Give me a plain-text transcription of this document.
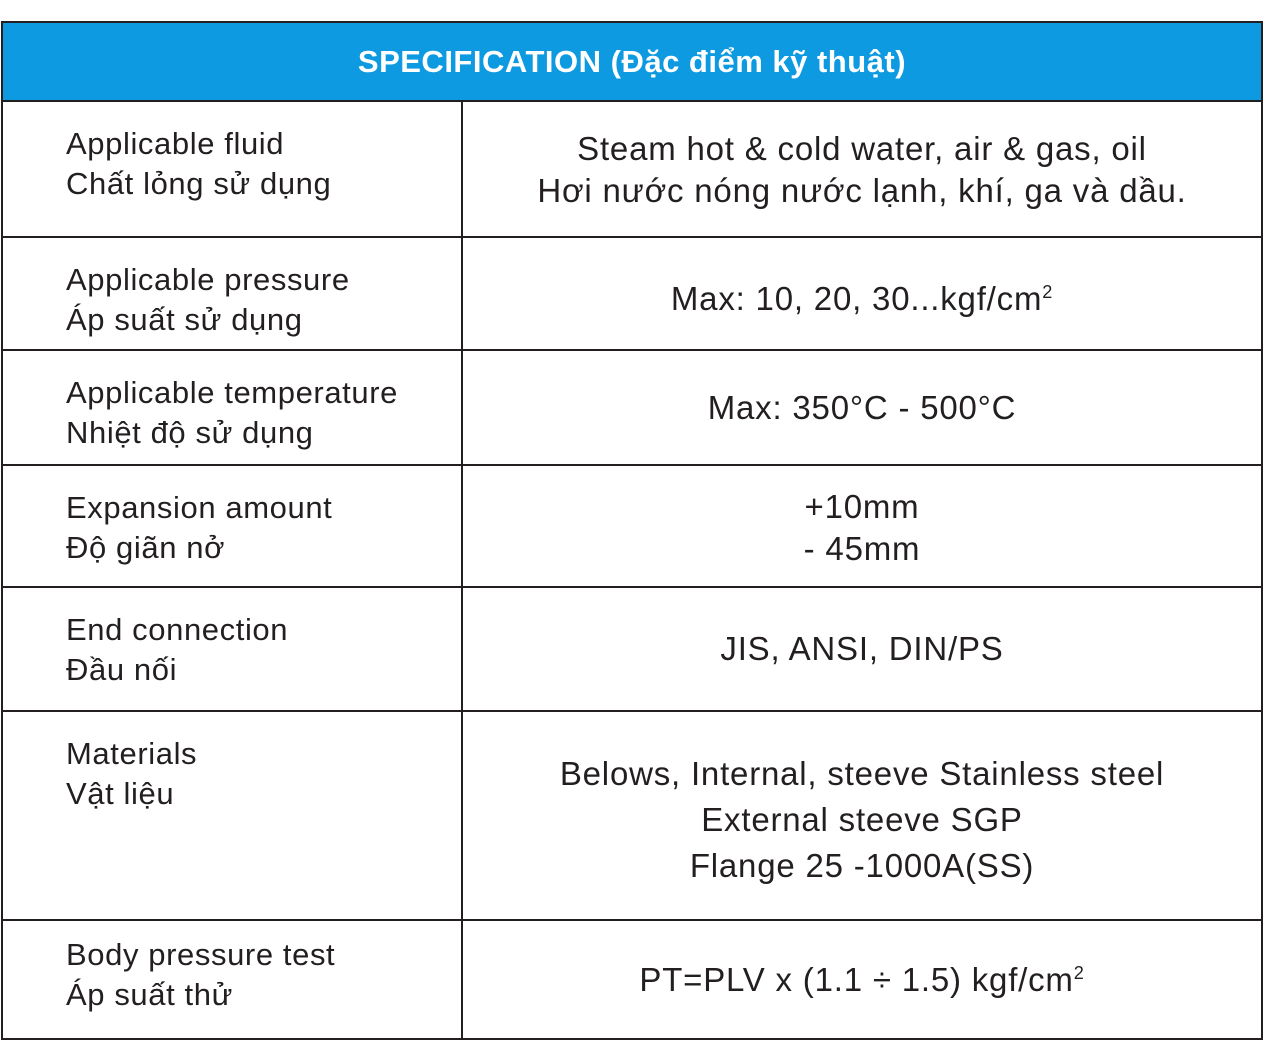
SPECIFICATION (Đặc điểm kỹ thuật)
Applicable fluid
Chất lỏng sử dụng
Steam hot & cold water, air & gas, oil
Hơi nước nóng nước lạnh, khí, ga và dầu.
Applicable pressure
Áp suất sử dụng
Max: 10, 20, $30...kgf/cm^2$
Applicable temperature
Nhiệt độ sử dụng
Max: 350°C - 500°C
Expansion amount
Độ giãn nở
+10mm
- 45mm
End connection
Đầu nối
JIS, ANSI, DIN/PS
Materials
Vật liệu
Belows, Internal, steeve Stainless steel
External steeve SGP
Flange 25 -1000A(SS)
Body pressure test
Áp suất thử	PT=PLV x (1.1 ÷ 1.5) kgf/$cm^2$
